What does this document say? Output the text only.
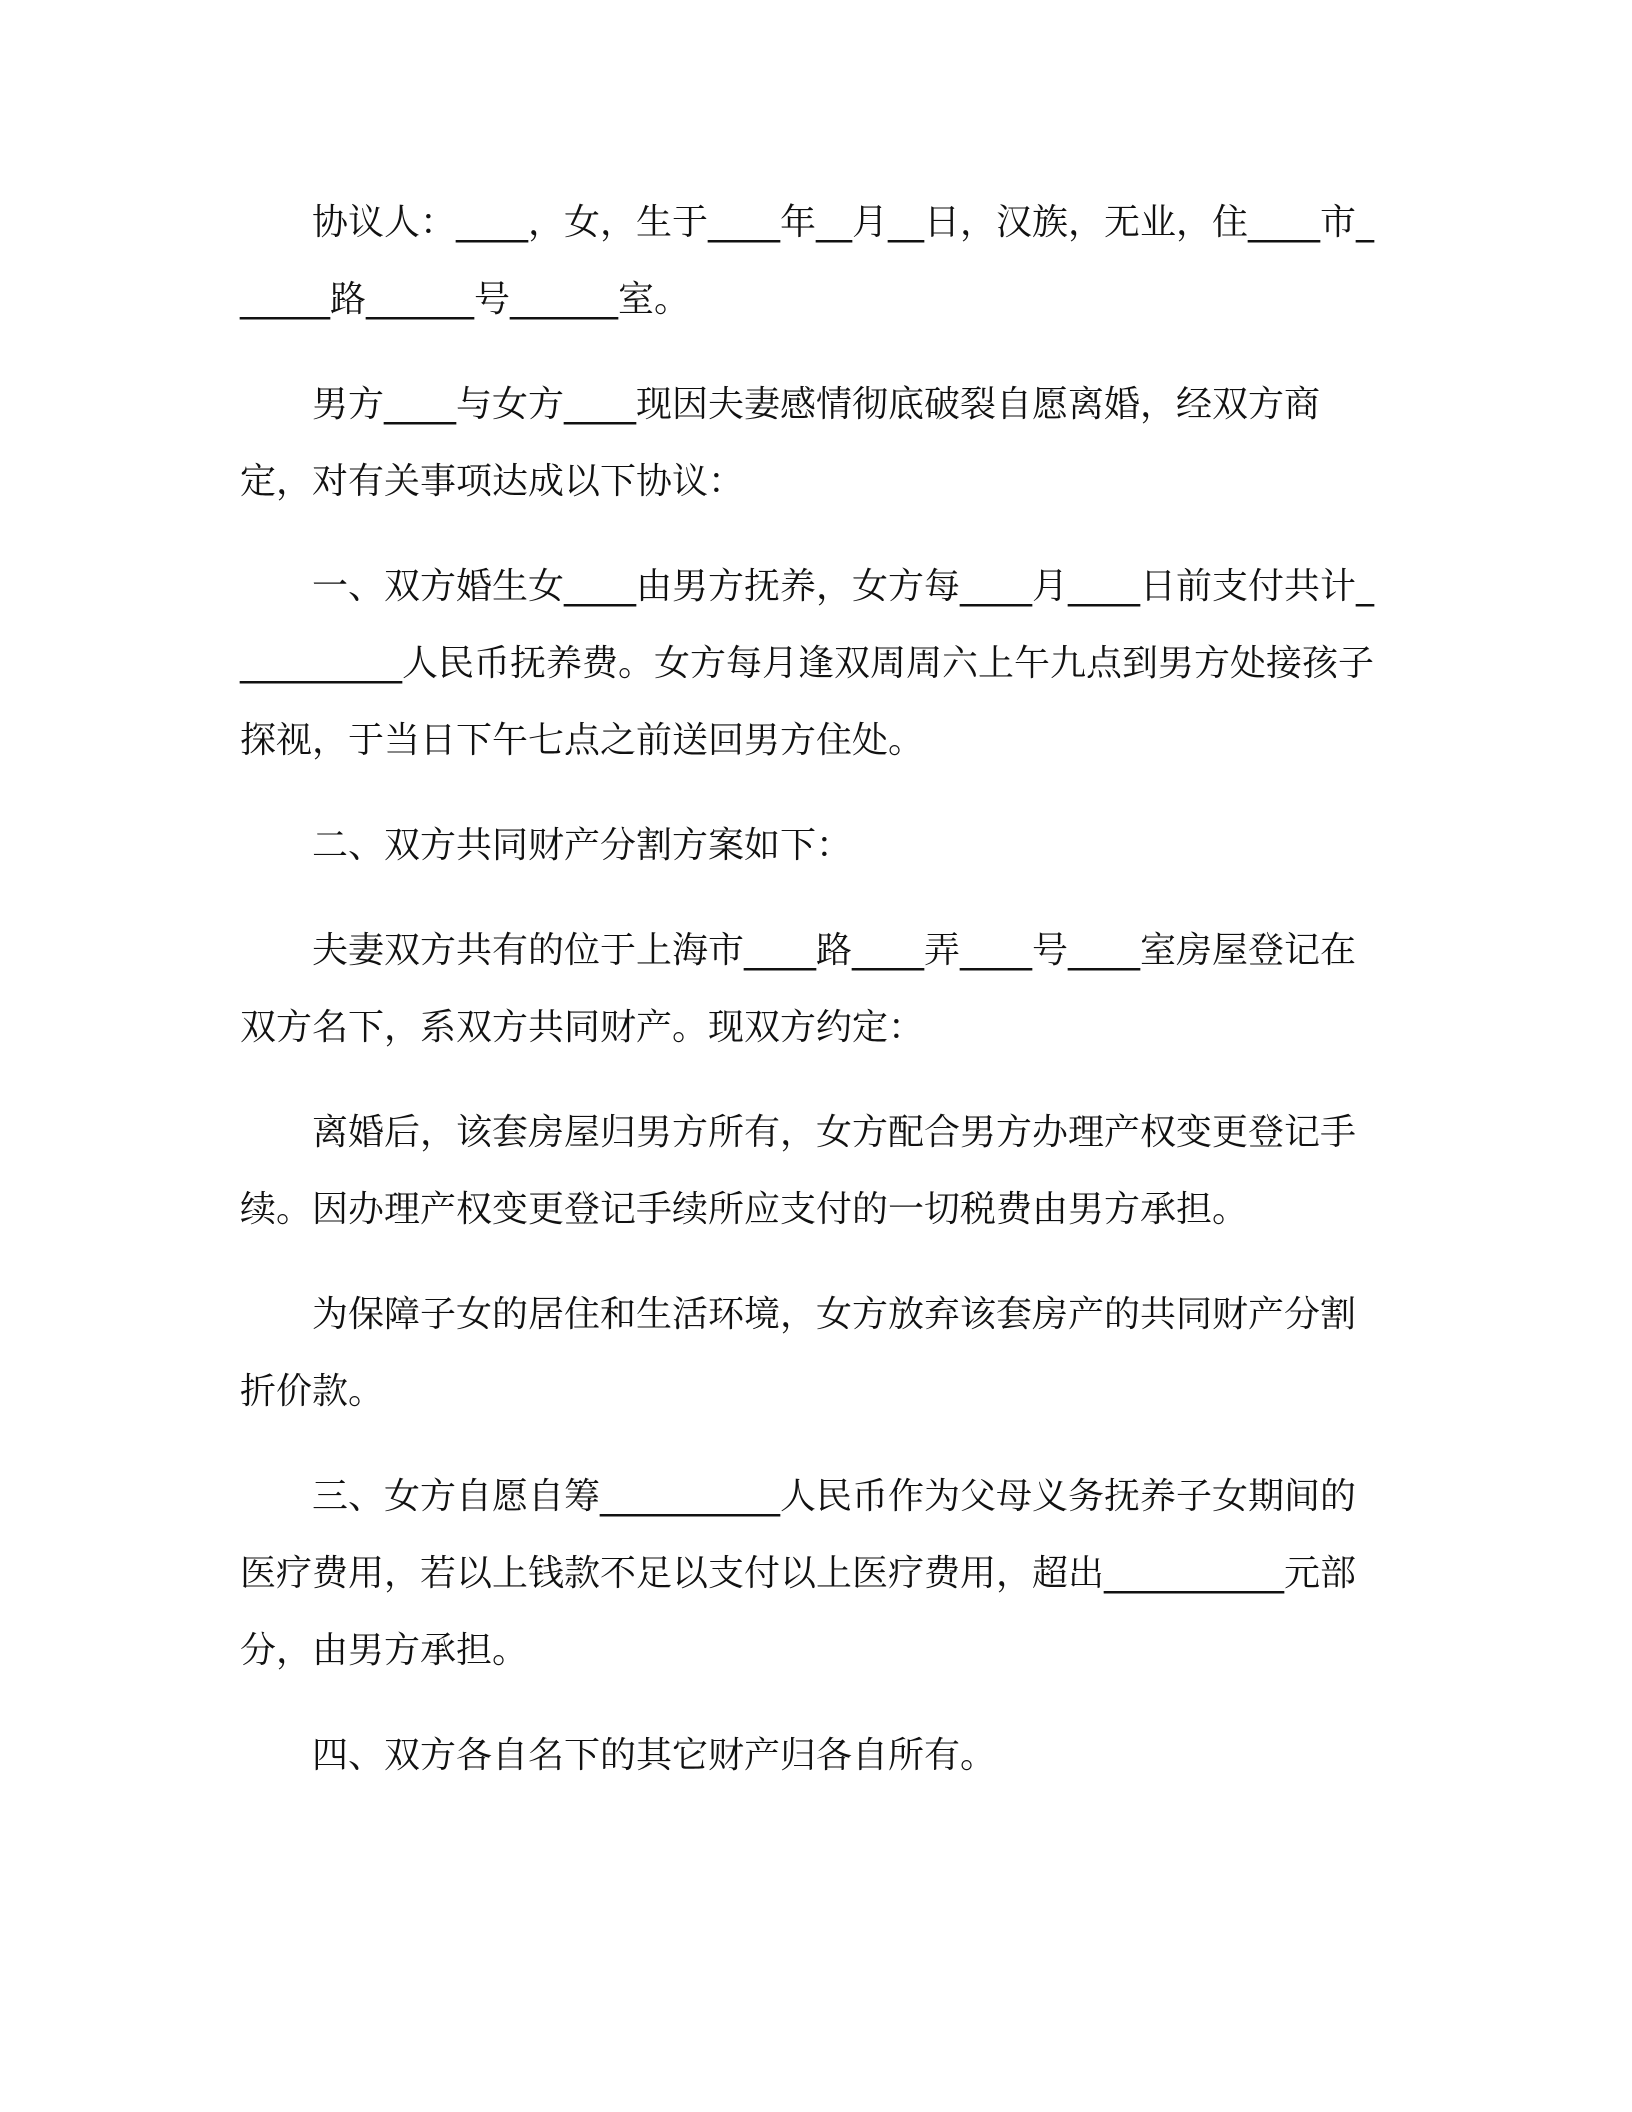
协议人：____，女，生于____年__月__日，汉族，无业，住____市______路______号______室。

男方____与女方____现因夫妻感情彻底破裂自愿离婚，经双方商定，对有关事项达成以下协议：

一、双方婚生女____由男方抚养，女方每____月____日前支付共计__________人民币抚养费。女方每月逢双周周六上午九点到男方处接孩子探视，于当日下午七点之前送回男方住处。

二、双方共同财产分割方案如下：

夫妻双方共有的位于上海市____路____弄____号____室房屋登记在双方名下，系双方共同财产。现双方约定：

离婚后，该套房屋归男方所有，女方配合男方办理产权变更登记手续。因办理产权变更登记手续所应支付的一切税费由男方承担。

为保障子女的居住和生活环境，女方放弃该套房产的共同财产分割折价款。

三、女方自愿自筹__________人民币作为父母义务抚养子女期间的医疗费用，若以上钱款不足以支付以上医疗费用，超出__________元部分，由男方承担。

四、双方各自名下的其它财产归各自所有。
